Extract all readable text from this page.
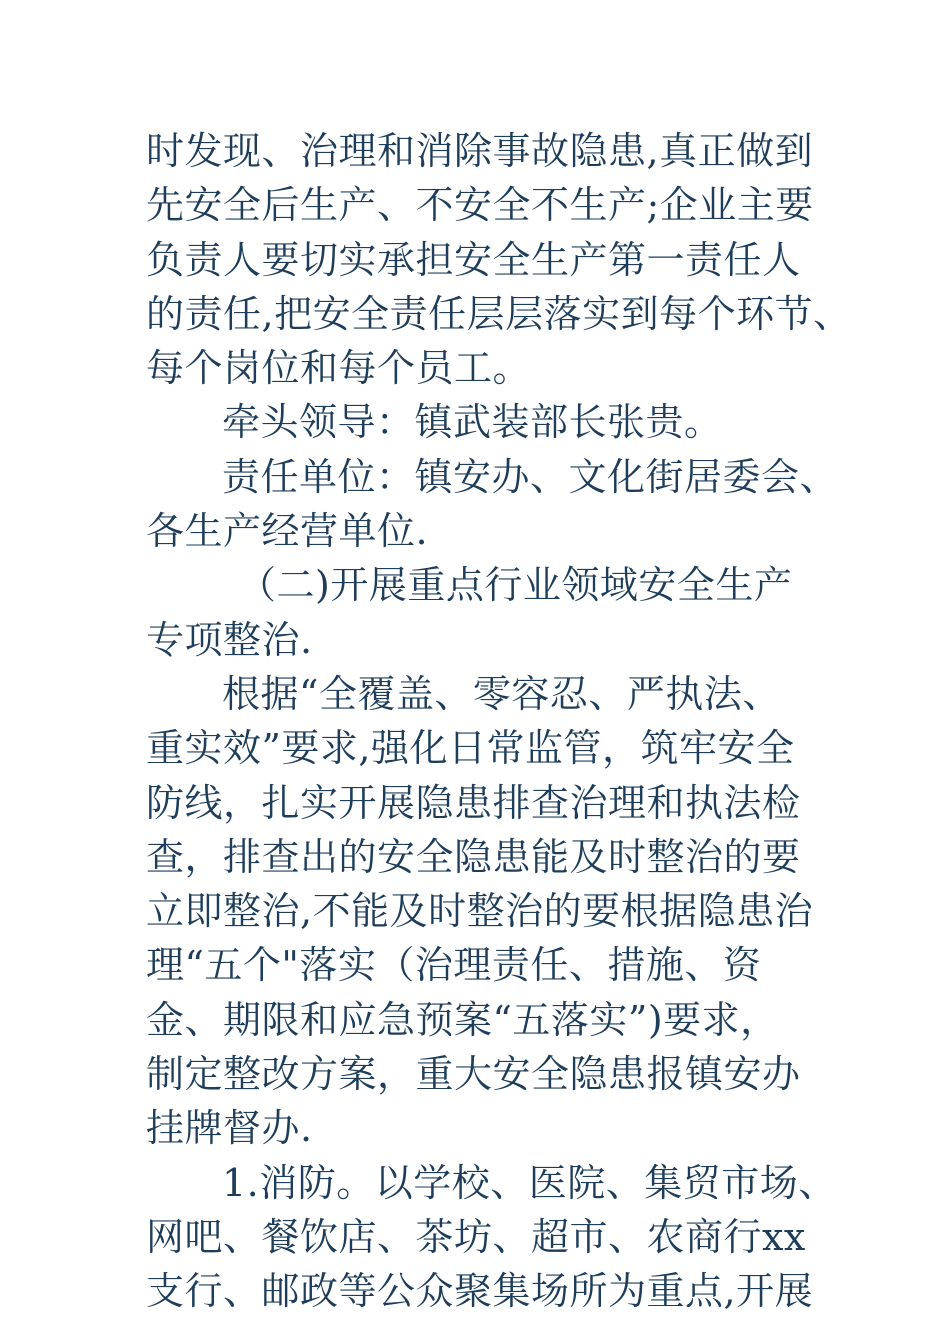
时发现、治理和消除事故隐患,真正做到
先安全后生产、不安全不生产;企业主要
负责人要切实承担安全生产第一责任人
的责任,把安全责任层层落实到每个环节、
每个岗位和每个员工。
牵头领导：镇武装部长张贵。
责任单位：镇安办、文化街居委会、
各生产经营单位.
（二)开展重点行业领域安全生产
专项整治.
根据“全覆盖、零容忍、严执法、
重实效”要求,强化日常监管，筑牢安全
防线，扎实开展隐患排查治理和执法检
查，排查出的安全隐患能及时整治的要
立即整治,不能及时整治的要根据隐患治
理“五个"落实（治理责任、措施、资
金、期限和应急预案“五落实”)要求，
制定整改方案，重大安全隐患报镇安办
挂牌督办.
1.消防。以学校、医院、集贸市场、
网吧、餐饮店、茶坊、超市、农商行xx
支行、邮政等公众聚集场所为重点,开展
